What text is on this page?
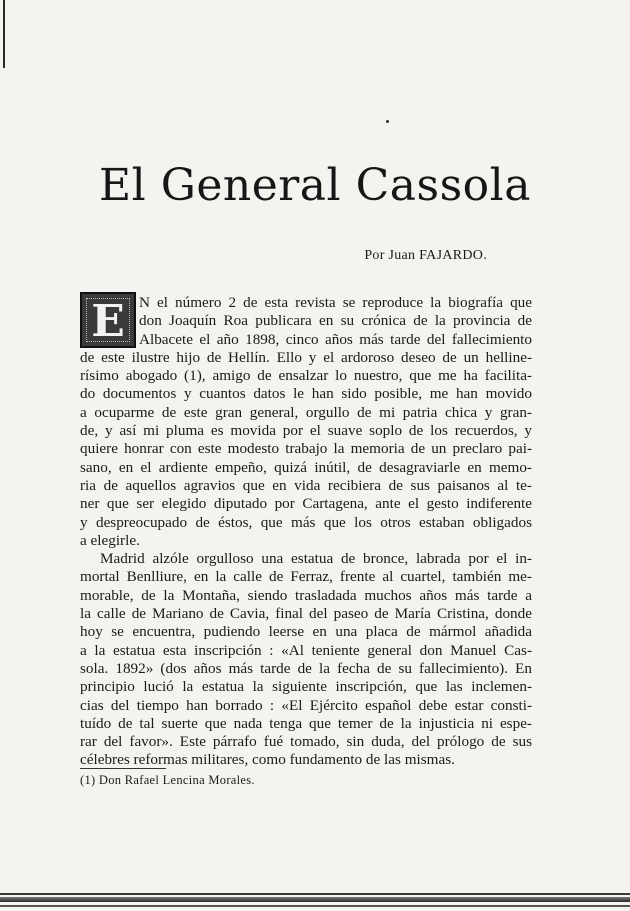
El General Cassola
Por Juan FAJARDO.
E N el número 2 de esta revista se reproduce la biografía que
don Joaquín Roa publicara en su crónica de la provincia de
Albacete el año 1898, cinco años más tarde del fallecimiento
de este ilustre hijo de Hellín. Ello y el ardoroso deseo de un helline-
rísimo abogado (1), amigo de ensalzar lo nuestro, que me ha facilita-
do documentos y cuantos datos le han sido posible, me han movido
a ocuparme de este gran general, orgullo de mi patria chica y gran-
de, y así mi pluma es movida por el suave soplo de los recuerdos, y
quiere honrar con este modesto trabajo la memoria de un preclaro pai-
sano, en el ardiente empeño, quizá inútil, de desagraviarle en memo-
ria de aquellos agravios que en vida recibiera de sus paisanos al te-
ner que ser elegido diputado por Cartagena, ante el gesto indiferente
y despreocupado de éstos, que más que los otros estaban obligados
a elegirle.
Madrid alzóle orgulloso una estatua de bronce, labrada por el in-
mortal Benlliure, en la calle de Ferraz, frente al cuartel, también me-
morable, de la Montaña, siendo trasladada muchos años más tarde a
la calle de Mariano de Cavia, final del paseo de María Cristina, donde
hoy se encuentra, pudiendo leerse en una placa de mármol añadida
a la estatua esta inscripción : «Al teniente general don Manuel Cas-
sola. 1892» (dos años más tarde de la fecha de su fallecimiento). En
principio lució la estatua la siguiente inscripción, que las inclemen-
cias del tiempo han borrado : «El Ejército español debe estar consti-
tuído de tal suerte que nada tenga que temer de la injusticia ni espe-
rar del favor». Este párrafo fué tomado, sin duda, del prólogo de sus
célebres reformas militares, como fundamento de las mismas.
(1) Don Rafael Lencina Morales.
